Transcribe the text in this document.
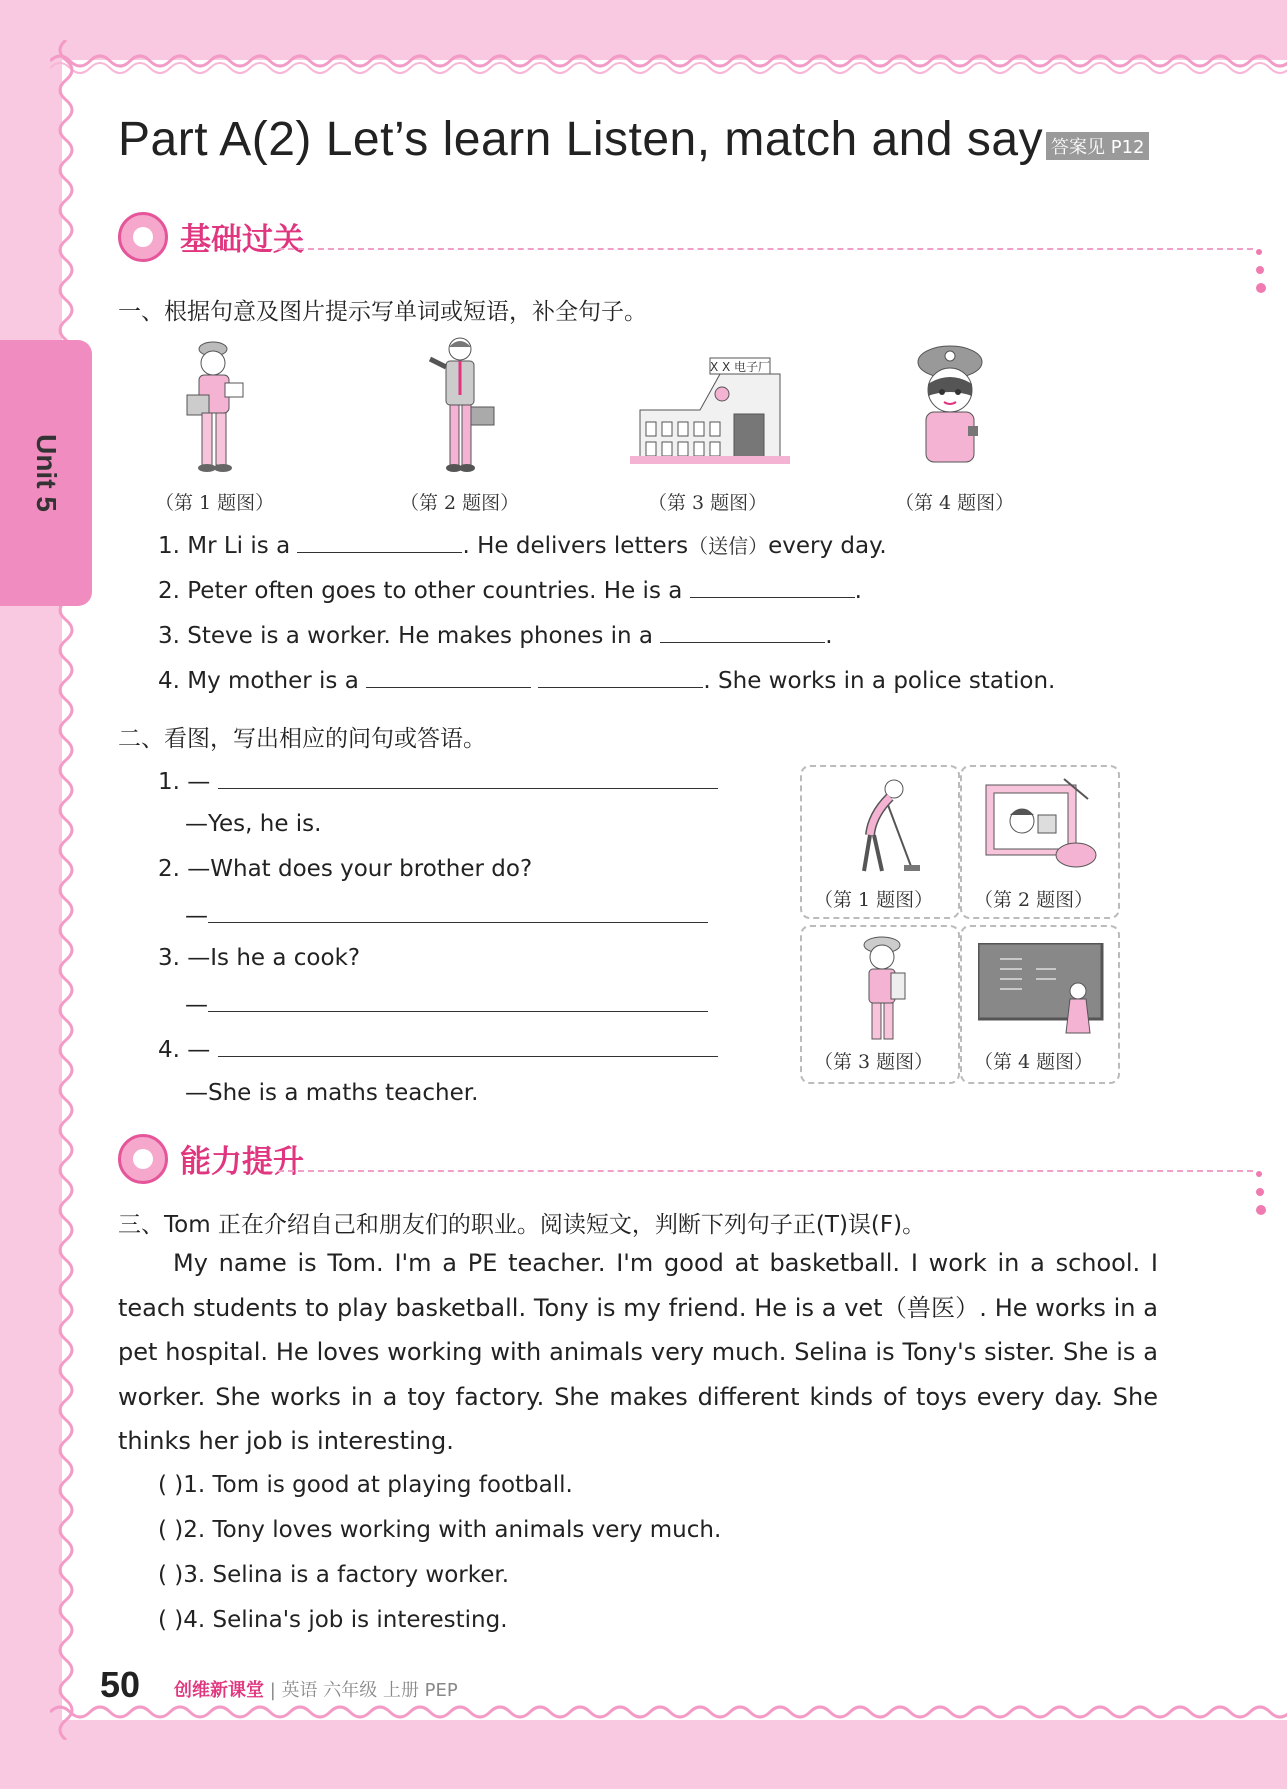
Unit 5
Part A(2) Let’s learn Listen, match and say 答案见 P12
基础过关
一、根据句意及图片提示写单词或短语，补全句子。
X X 电子厂
（第 1 题图）	（第 2 题图）	（第 3 题图）	（第 4 题图）
1. Mr Li is a	. He delivers letters（送信）every day.
2. Peter often goes to other countries. He is a	.
3. Steve is a worker. He makes phones in a	.
4. My mother is a	. She works in a police station.
二、看图，写出相应的问句或答语。
1. —
—Yes, he is.
2. —What does your brother do?
—
3. —Is he a cook?
—
4. —
—She is a maths teacher.
（第 1 题图） （第 2 题图）
（第 3 题图） （第 4 题图）
能力提升
三、Tom 正在介绍自己和朋友们的职业。阅读短文，判断下列句子正(T)误(F)。
My name is Tom. I'm a PE teacher. I'm good at basketball. I work in a school. I teach students to play basketball. Tony is my friend. He is a vet（兽医）. He works in a pet hospital. He loves working with animals very much. Selina is Tony's sister. She is a worker. She works in a toy factory. She makes different kinds of toys every day. She thinks her job is interesting.
( )1. Tom is good at playing football.
( )2. Tony loves working with animals very much.
( )3. Selina is a factory worker.
( )4. Selina's job is interesting.
50 创维新课堂 | 英语 六年级 上册 PEP
